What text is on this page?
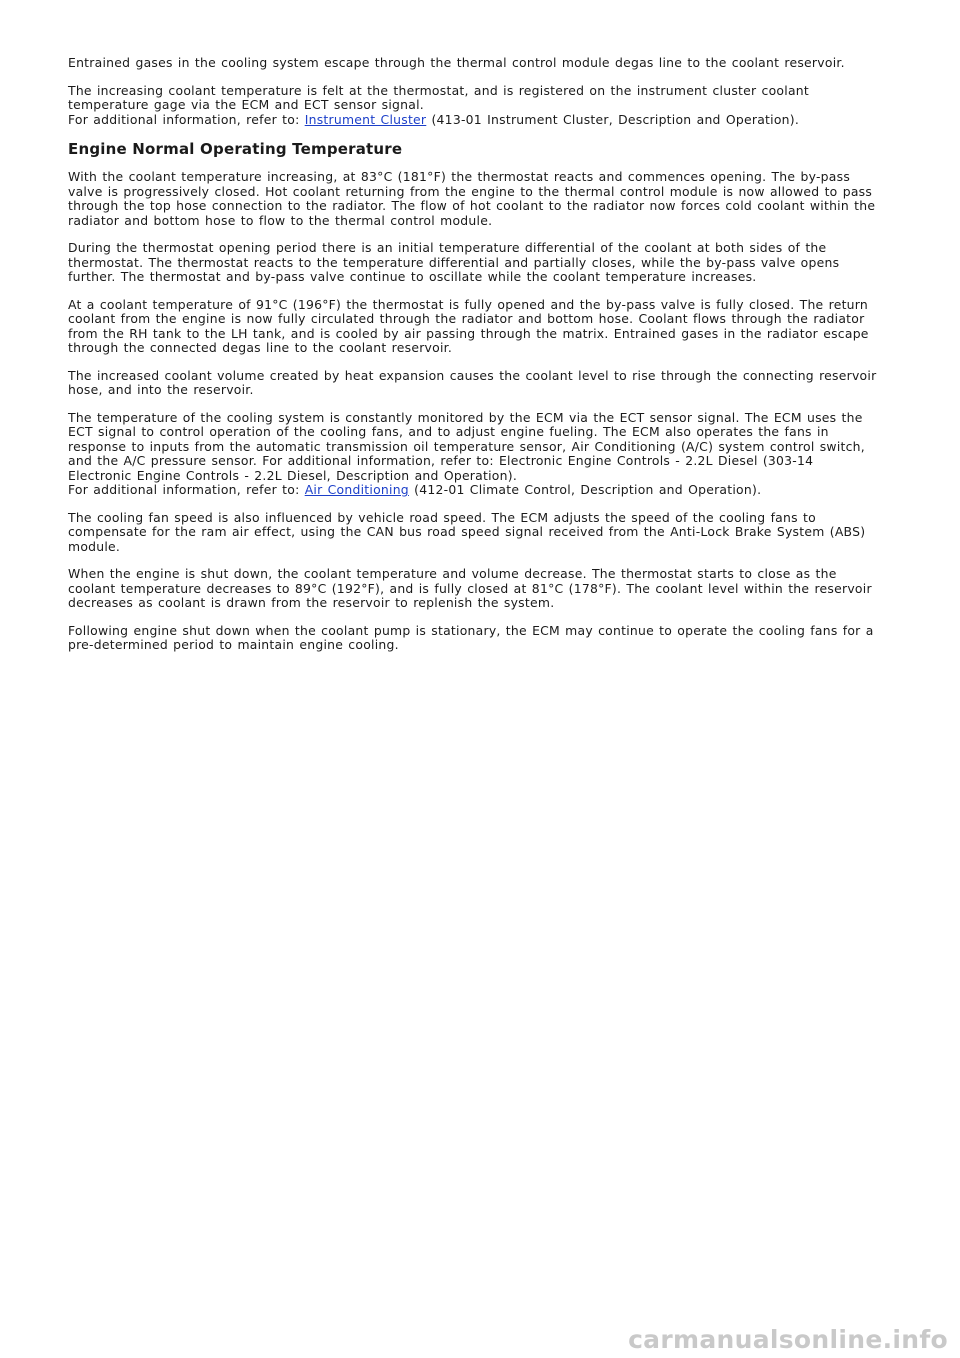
Entrained gases in the cooling system escape through the thermal control module degas line to the coolant reservoir.

The increasing coolant temperature is felt at the thermostat, and is registered on the instrument cluster coolant
temperature gage via the ECM and ECT sensor signal.
For additional information, refer to: Instrument Cluster (413-01 Instrument Cluster, Description and Operation).

Engine Normal Operating Temperature

With the coolant temperature increasing, at 83°C (181°F) the thermostat reacts and commences opening. The by-pass
valve is progressively closed. Hot coolant returning from the engine to the thermal control module is now allowed to pass
through the top hose connection to the radiator. The flow of hot coolant to the radiator now forces cold coolant within the
radiator and bottom hose to flow to the thermal control module.

During the thermostat opening period there is an initial temperature differential of the coolant at both sides of the
thermostat. The thermostat reacts to the temperature differential and partially closes, while the by-pass valve opens
further. The thermostat and by-pass valve continue to oscillate while the coolant temperature increases.

At a coolant temperature of 91°C (196°F) the thermostat is fully opened and the by-pass valve is fully closed. The return
coolant from the engine is now fully circulated through the radiator and bottom hose. Coolant flows through the radiator
from the RH tank to the LH tank, and is cooled by air passing through the matrix. Entrained gases in the radiator escape
through the connected degas line to the coolant reservoir.

The increased coolant volume created by heat expansion causes the coolant level to rise through the connecting reservoir
hose, and into the reservoir.

The temperature of the cooling system is constantly monitored by the ECM via the ECT sensor signal. The ECM uses the
ECT signal to control operation of the cooling fans, and to adjust engine fueling. The ECM also operates the fans in
response to inputs from the automatic transmission oil temperature sensor, Air Conditioning (A/C) system control switch,
and the A/C pressure sensor. For additional information, refer to: Electronic Engine Controls - 2.2L Diesel (303-14
Electronic Engine Controls - 2.2L Diesel, Description and Operation).
For additional information, refer to: Air Conditioning (412-01 Climate Control, Description and Operation).

The cooling fan speed is also influenced by vehicle road speed. The ECM adjusts the speed of the cooling fans to
compensate for the ram air effect, using the CAN bus road speed signal received from the Anti-Lock Brake System (ABS)
module.

When the engine is shut down, the coolant temperature and volume decrease. The thermostat starts to close as the
coolant temperature decreases to 89°C (192°F), and is fully closed at 81°C (178°F). The coolant level within the reservoir
decreases as coolant is drawn from the reservoir to replenish the system.

Following engine shut down when the coolant pump is stationary, the ECM may continue to operate the cooling fans for a
pre-determined period to maintain engine cooling.

carmanualsonline.info
